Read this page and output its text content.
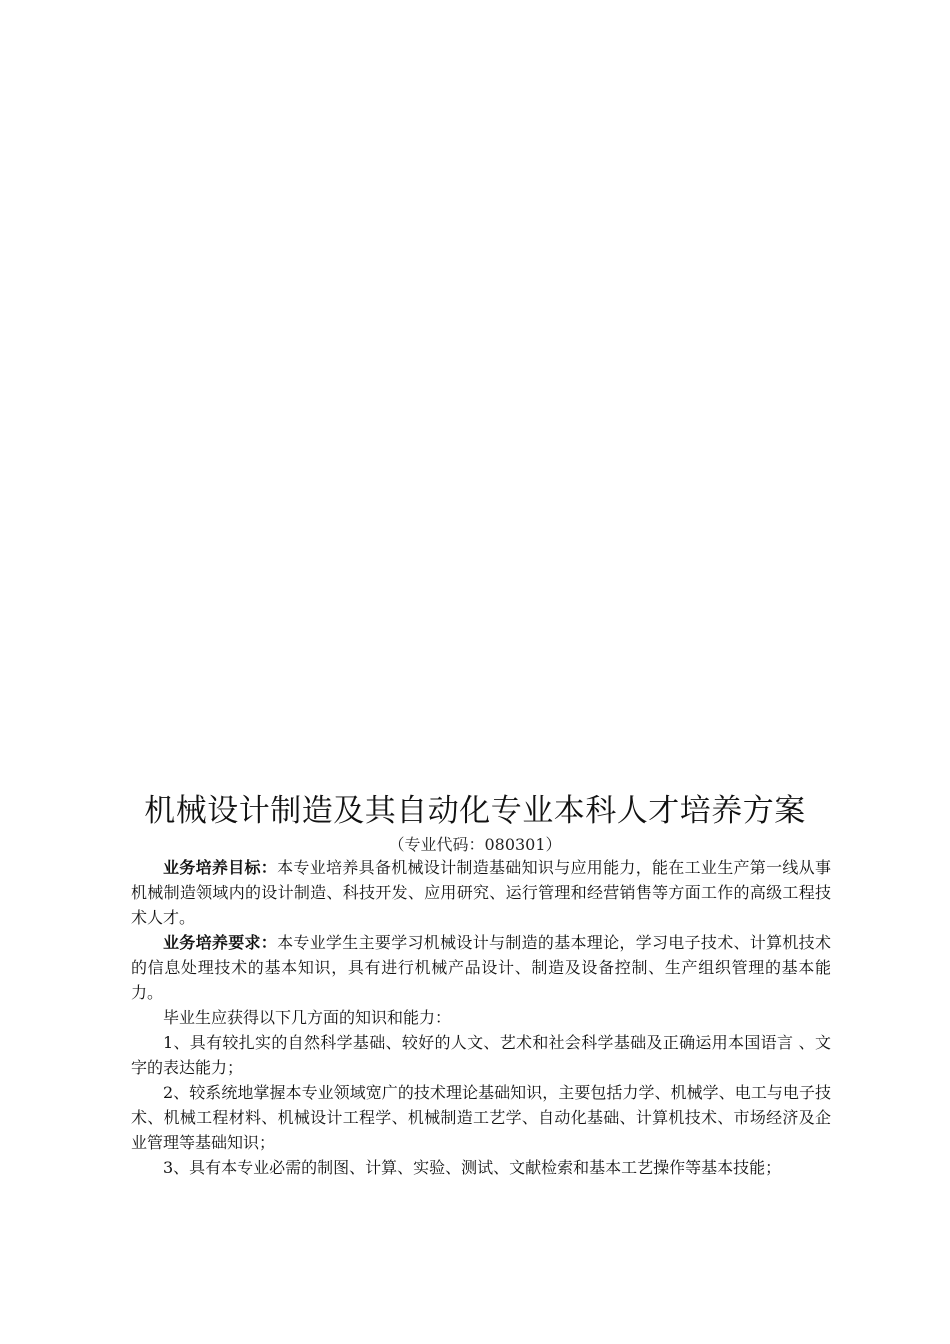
机械设计制造及其自动化专业本科人才培养方案
（专业代码：080301）

业务培养目标：本专业培养具备机械设计制造基础知识与应用能力，能在工业生产第一线从事机械制造领域内的设计制造、科技开发、应用研究、运行管理和经营销售等方面工作的高级工程技术人才。

业务培养要求：本专业学生主要学习机械设计与制造的基本理论，学习电子技术、计算机技术的信息处理技术的基本知识，具有进行机械产品设计、制造及设备控制、生产组织管理的基本能力。

毕业生应获得以下几方面的知识和能力：

1、具有较扎实的自然科学基础、较好的人文、艺术和社会科学基础及正确运用本国语言 、文字的表达能力；

2、较系统地掌握本专业领域宽广的技术理论基础知识，主要包括力学、机械学、电工与电子技术、机械工程材料、机械设计工程学、机械制造工艺学、自动化基础、计算机技术、市场经济及企业管理等基础知识；

3、具有本专业必需的制图、计算、实验、测试、文献检索和基本工艺操作等基本技能；
